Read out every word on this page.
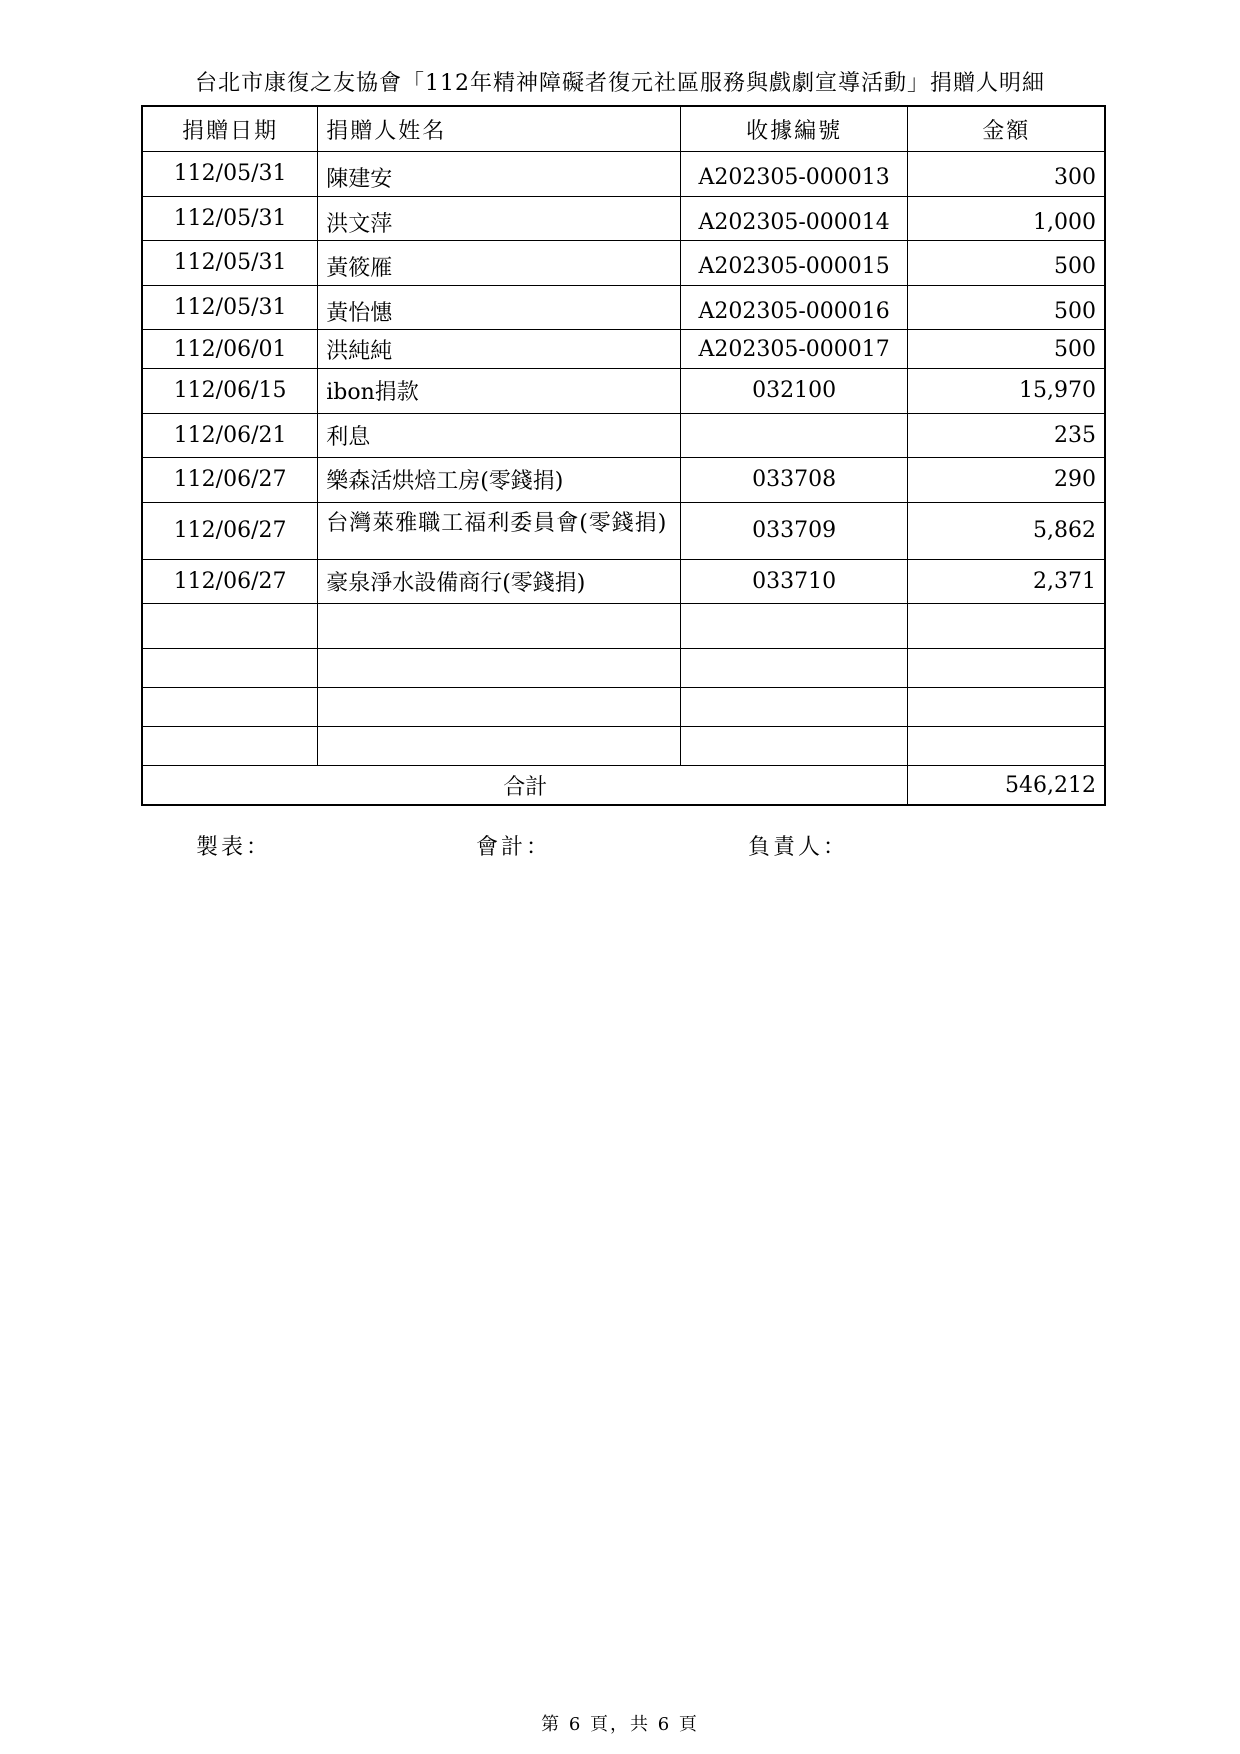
台北市康復之友協會「112年精神障礙者復元社區服務與戲劇宣導活動」捐贈人明細
捐贈日期	捐贈人姓名	收據編號	金額
112/05/31	陳建安	A202305-000013	300
112/05/31	洪文萍	A202305-000014	1,000
112/05/31	黃筱雁	A202305-000015	500
112/05/31	黃怡憓	A202305-000016	500
112/06/01	洪純純	A202305-000017	500
112/06/15	ibon捐款	032100	15,970
112/06/21	利息		235
112/06/27	樂森活烘焙工房(零錢捐)	033708	290
112/06/27	台灣萊雅職工福利委員會(零錢捐)	033709	5,862
112/06/27	豪泉淨水設備商行(零錢捐)	033710	2,371

合計			546,212
製表：	會計：	負責人：
第 6 頁，共 6 頁
